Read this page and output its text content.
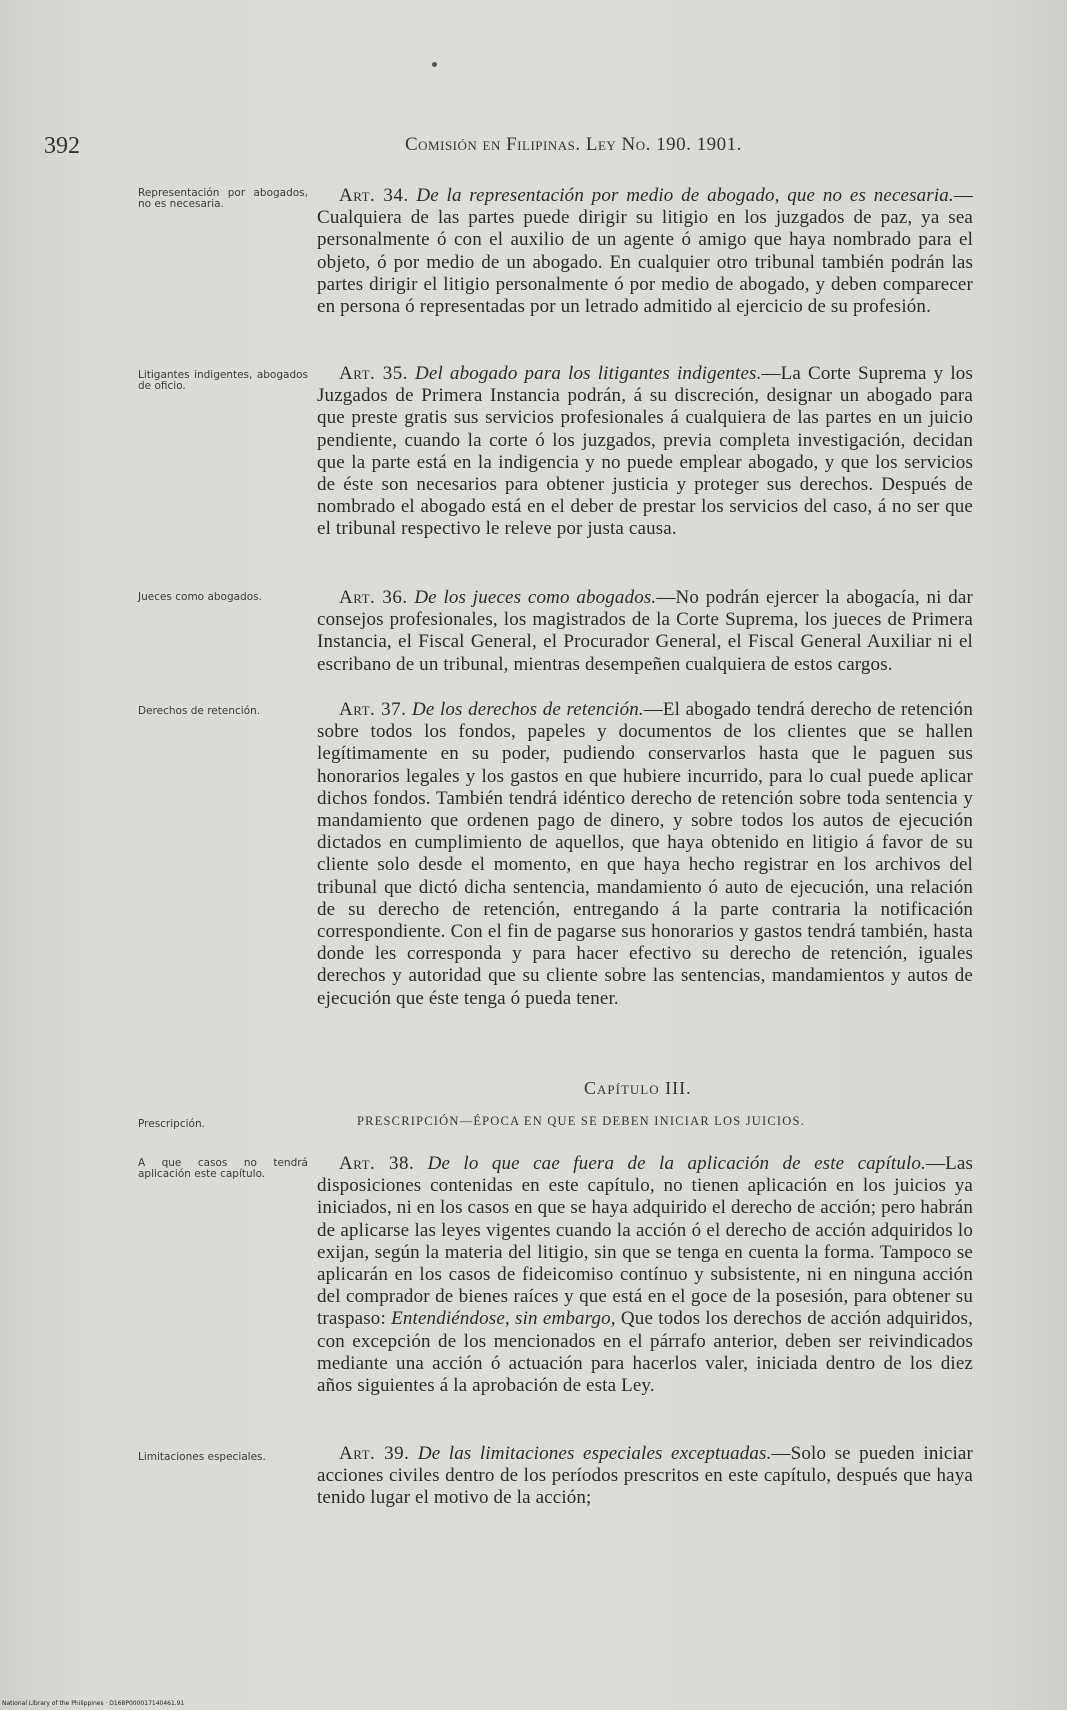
392	Comisión en Filipinas. Ley No. 190. 1901.
Representación por abogados, no es necesaria.
Litigantes indigentes, abogados de oficio.
Jueces como abogados.
Derechos de retención.
Prescripción.
A que casos no tendrá aplicación este capítulo.
Limitaciones especiales.
Art. 34. De la representación por medio de abogado, que no es necesaria.—Cualquiera de las partes puede dirigir su litigio en los juzgados de paz, ya sea personalmente ó con el auxilio de un agente ó amigo que haya nombrado para el objeto, ó por medio de un abogado. En cualquier otro tribunal también podrán las partes dirigir el litigio personalmente ó por medio de abogado, y deben comparecer en persona ó representadas por un letrado admitido al ejercicio de su profesión.
Art. 35. Del abogado para los litigantes indigentes.—La Corte Suprema y los Juzgados de Primera Instancia podrán, á su discreción, designar un abogado para que preste gratis sus servicios profesionales á cualquiera de las partes en un juicio pendiente, cuando la corte ó los juzgados, previa completa investigación, decidan que la parte está en la indigencia y no puede emplear abogado, y que los servicios de éste son necesarios para obtener justicia y proteger sus derechos. Después de nombrado el abogado está en el deber de prestar los servicios del caso, á no ser que el tribunal respectivo le releve por justa causa.
Art. 36. De los jueces como abogados.—No podrán ejercer la abogacía, ni dar consejos profesionales, los magistrados de la Corte Suprema, los jueces de Primera Instancia, el Fiscal General, el Procurador General, el Fiscal General Auxiliar ni el escribano de un tribunal, mientras desempeñen cualquiera de estos cargos.
Art. 37. De los derechos de retención.—El abogado tendrá derecho de retención sobre todos los fondos, papeles y documentos de los clientes que se hallen legítimamente en su poder, pudiendo conservarlos hasta que le paguen sus honorarios legales y los gastos en que hubiere incurrido, para lo cual puede aplicar dichos fondos. También tendrá idéntico derecho de retención sobre toda sentencia y mandamiento que ordenen pago de dinero, y sobre todos los autos de ejecución dictados en cumplimiento de aquellos, que haya obtenido en litigio á favor de su cliente solo desde el momento, en que haya hecho registrar en los archivos del tribunal que dictó dicha sentencia, mandamiento ó auto de ejecución, una relación de su derecho de retención, entregando á la parte contraria la notificación correspondiente. Con el fin de pagarse sus honorarios y gastos tendrá también, hasta donde les corresponda y para hacer efectivo su derecho de retención, iguales derechos y autoridad que su cliente sobre las sentencias, mandamientos y autos de ejecución que éste tenga ó pueda tener.
Capítulo III.
PRESCRIPCIÓN—ÉPOCA EN QUE SE DEBEN INICIAR LOS JUICIOS.
Art. 38. De lo que cae fuera de la aplicación de este capítulo.—Las disposiciones contenidas en este capítulo, no tienen aplicación en los juicios ya iniciados, ni en los casos en que se haya adquirido el derecho de acción; pero habrán de aplicarse las leyes vigentes cuando la acción ó el derecho de acción adquiridos lo exijan, según la materia del litigio, sin que se tenga en cuenta la forma. Tampoco se aplicarán en los casos de fideicomiso contínuo y subsistente, ni en ninguna acción del comprador de bienes raíces y que está en el goce de la posesión, para obtener su traspaso: Entendiéndose, sin embargo, Que todos los derechos de acción adquiridos, con excepción de los mencionados en el párrafo anterior, deben ser reivindicados mediante una acción ó actuación para hacerlos valer, iniciada dentro de los diez años siguientes á la aprobación de esta Ley.
Art. 39. De las limitaciones especiales exceptuadas.—Solo se pueden iniciar acciones civiles dentro de los períodos prescritos en este capítulo, después que haya tenido lugar el motivo de la acción;
National Library of the Philippines · D168P000017140461.91
